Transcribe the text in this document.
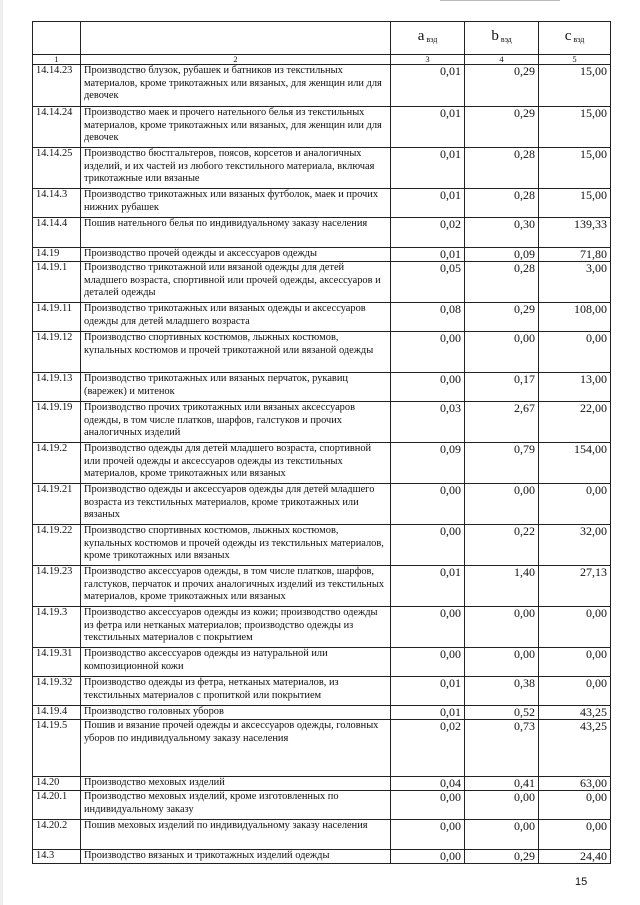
		a $_{вэд}$	b $_{вэд}$	c $_{вэд}$
1	2	3	4	5
14.14.23	Производство блузок, рубашек и батников из текстильных материалов, кроме трикотажных или вязаных, для женщин или для девочек	0,01	0,29	15,00
14.14.24	Производство маек и прочего нательного белья из текстильных материалов, кроме трикотажных или вязаных, для женщин или для девочек	0,01	0,29	15,00
14.14.25	Производство бюстгальтеров, поясов, корсетов и аналогичных изделий, и их частей из любого текстильного материала, включая трикотажные или вязаные	0,01	0,28	15,00
14.14.3	Производство трикотажных или вязаных футболок, маек и прочих нижних рубашек	0,01	0,28	15,00
14.14.4	Пошив нательного белья по индивидуальному заказу населения	0,02	0,30	139,33
14.19	Производство прочей одежды и аксессуаров одежды	0,01	0,09	71,80
14.19.1	Производство трикотажной или вязаной одежды для детей младшего возраста, спортивной или прочей одежды, аксессуаров и деталей одежды	0,05	0,28	3,00
14.19.11	Производство трикотажных или вязаных одежды и аксессуаров одежды для детей младшего возраста	0,08	0,29	108,00
14.19.12	Производство спортивных костюмов, лыжных костюмов, купальных костюмов и прочей трикотажной или вязаной одежды	0,00	0,00	0,00
14.19.13	Производство трикотажных или вязаных перчаток, рукавиц (варежек) и митенок	0,00	0,17	13,00
14.19.19	Производство прочих трикотажных или вязаных аксессуаров одежды, в том числе платков, шарфов, галстуков и прочих аналогичных изделий	0,03	2,67	22,00
14.19.2	Производство одежды для детей младшего возраста, спортивной или прочей одежды и аксессуаров одежды из текстильных материалов, кроме трикотажных или вязаных	0,09	0,79	154,00
14.19.21	Производство одежды и аксессуаров одежды для детей младшего возраста из текстильных материалов, кроме трикотажных или вязаных	0,00	0,00	0,00
14.19.22	Производство спортивных костюмов, лыжных костюмов, купальных костюмов и прочей одежды из текстильных материалов, кроме трикотажных или вязаных	0,00	0,22	32,00
14.19.23	Производство аксессуаров одежды, в том числе платков, шарфов, галстуков, перчаток и прочих аналогичных изделий из текстильных материалов, кроме трикотажных или вязаных	0,01	1,40	27,13
14.19.3	Производство аксессуаров одежды из кожи; производство одежды из фетра или нетканых материалов; производство одежды из текстильных материалов с покрытием	0,00	0,00	0,00
14.19.31	Производство аксессуаров одежды из натуральной или композиционной кожи	0,00	0,00	0,00
14.19.32	Производство одежды из фетра, нетканых материалов, из текстильных материалов с пропиткой или покрытием	0,01	0,38	0,00
14.19.4	Производство головных уборов	0,01	0,52	43,25
14.19.5	Пошив и вязание прочей одежды и аксессуаров одежды, головных уборов по индивидуальному заказу населения	0,02	0,73	43,25
14.20	Производство меховых изделий	0,04	0,41	63,00
14.20.1	Производство меховых изделий, кроме изготовленных по индивидуальному заказу	0,00	0,00	0,00
14.20.2	Пошив меховых изделий по индивидуальному заказу населения	0,00	0,00	0,00
14.3	Производство вязаных и трикотажных изделий одежды	0,00	0,29	24,40
15
